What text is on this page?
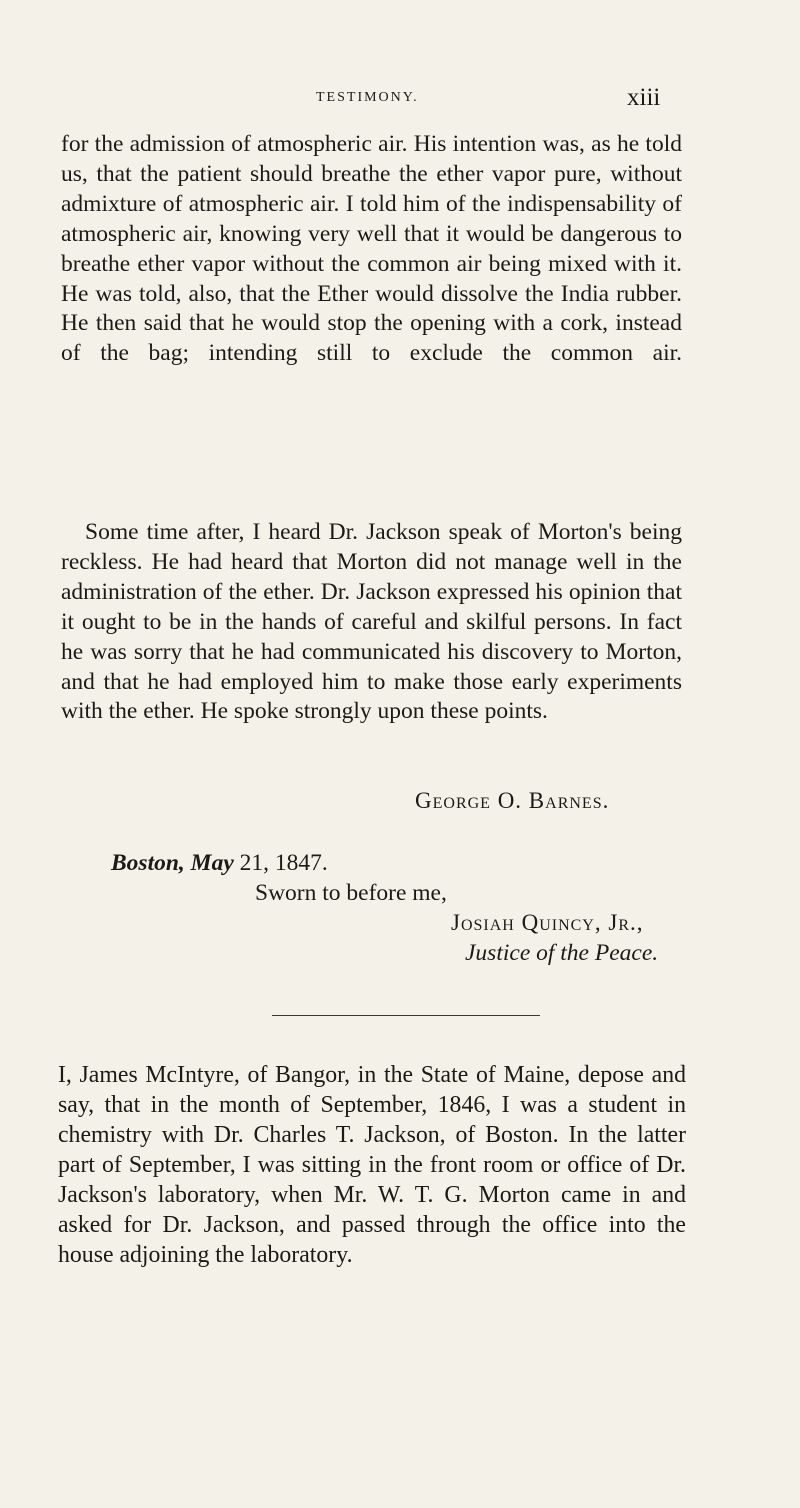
TESTIMONY.	xiii

for the admission of atmospheric air. His intention was, as he told us, that the patient should breathe the ether vapor pure, without admixture of atmospheric air. I told him of the indispensability of atmospheric air, knowing very well that it would be dangerous to breathe ether vapor without the common air being mixed with it. He was told, also, that the Ether would dissolve the India rubber. He then said that he would stop the opening with a cork, instead of the bag; intending still to exclude the common air.

Some time after, I heard Dr. Jackson speak of Morton's being reckless. He had heard that Morton did not manage well in the administration of the ether. Dr. Jackson expressed his opinion that it ought to be in the hands of careful and skilful persons. In fact he was sorry that he had communicated his discovery to Morton, and that he had employed him to make those early experiments with the ether. He spoke strongly upon these points.

George O. Barnes.
Boston, May 21, 1847.
Sworn to before me,
Josiah Quincy, Jr.,
Justice of the Peace.

I, James McIntyre, of Bangor, in the State of Maine, depose and say, that in the month of September, 1846, I was a student in chemistry with Dr. Charles T. Jackson, of Boston. In the latter part of September, I was sitting in the front room or office of Dr. Jackson's laboratory, when Mr. W. T. G. Morton came in and asked for Dr. Jackson, and passed through the office into the house adjoining the laboratory.
